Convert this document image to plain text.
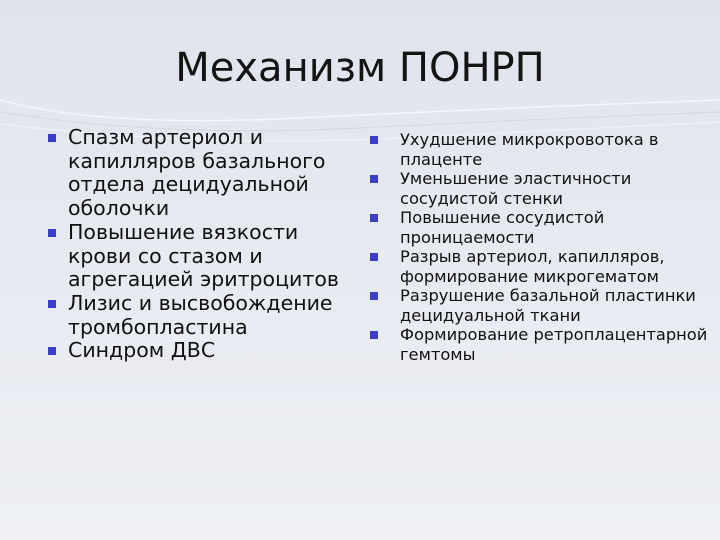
Механизм ПОНРП
Спазм артериол и капилляров базального отдела децидуальной оболочки
Повышение вязкости крови со стазом и агрегацией эритроцитов
Лизис и высвобождение тромбопластина
Синдром ДВС
Ухудшение микрокровотока в плаценте
Уменьшение эластичности сосудистой стенки
Повышение сосудистой проницаемости
Разрыв артериол, капилляров, формирование микрогематом
Разрушение базальной пластинки децидуальной ткани
Формирование ретроплацентарной гемтомы
